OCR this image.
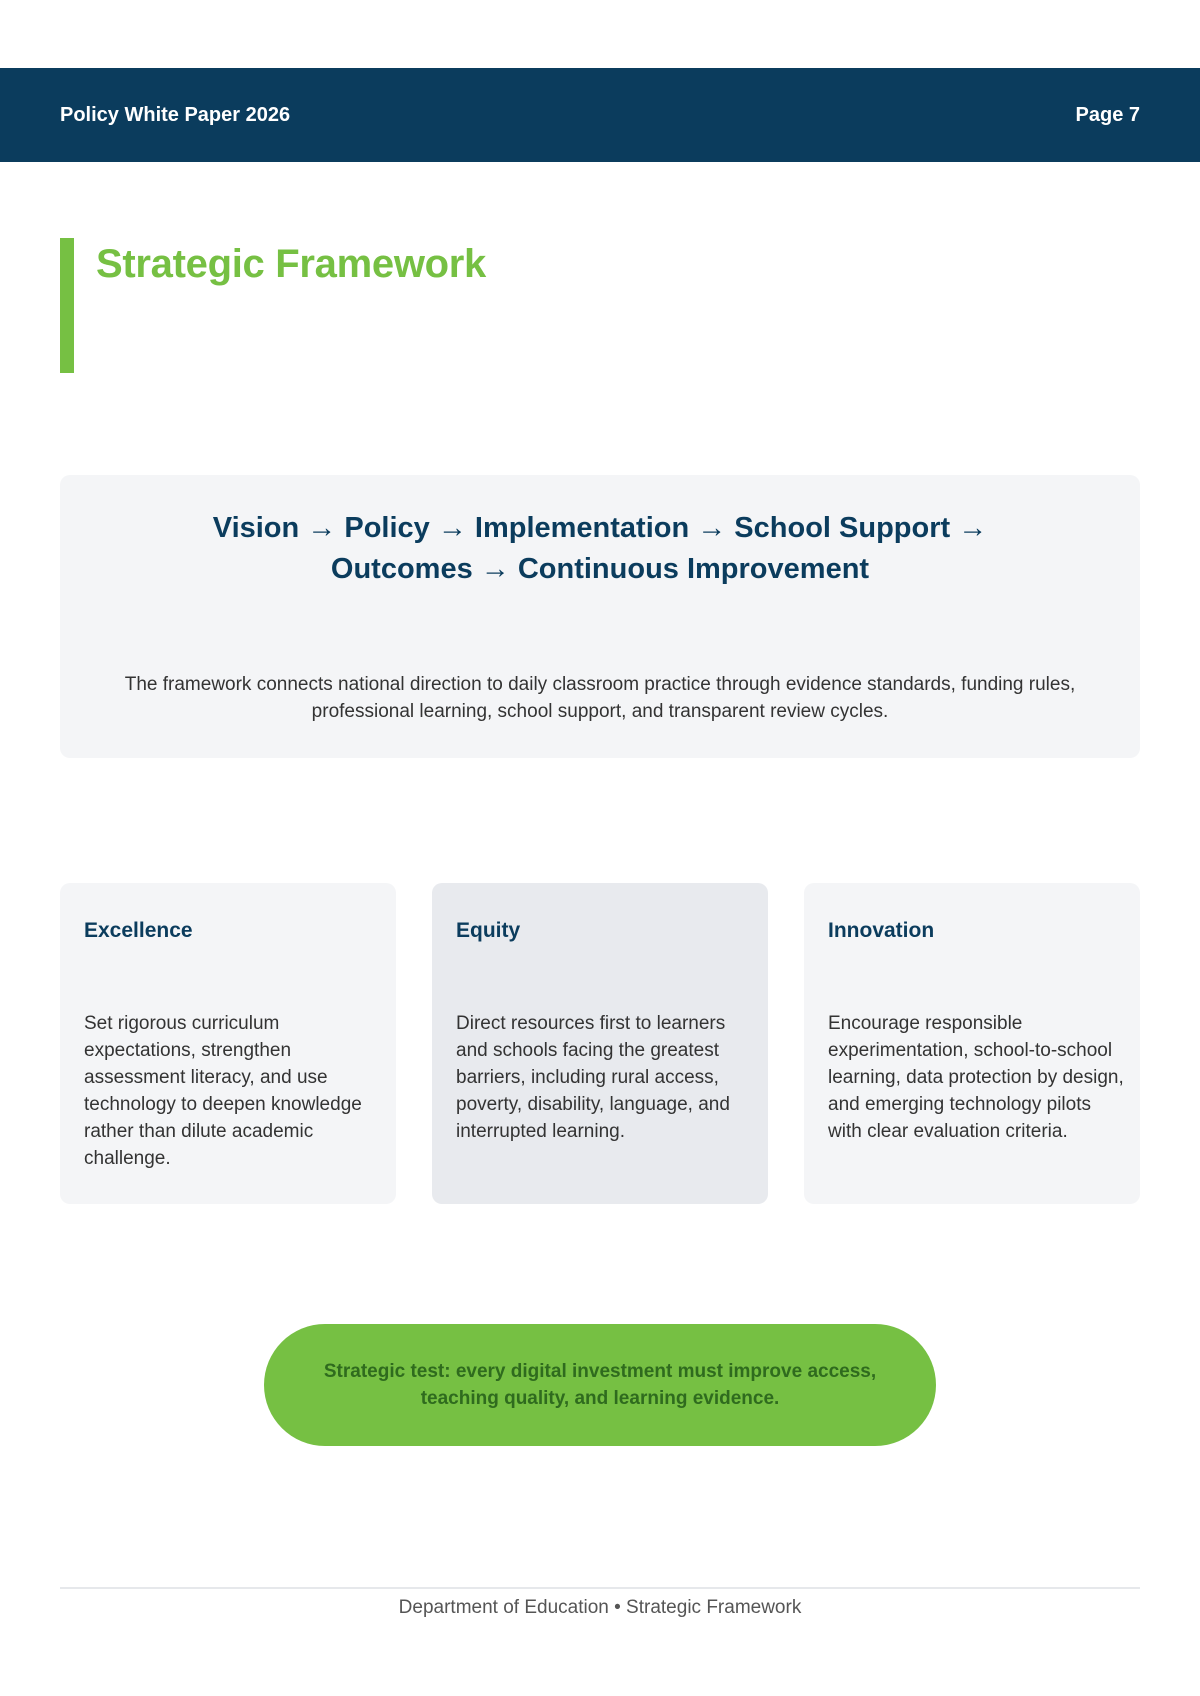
Policy White Paper 2026	Page 7
Strategic Framework
Vision → Policy → Implementation → School Support →
Outcomes → Continuous Improvement

The framework connects national direction to daily classroom practice through evidence standards, funding rules, professional learning, school support, and transparent review cycles.

Excellence

Set rigorous curriculum expectations, strengthen assessment literacy, and use technology to deepen knowledge rather than dilute academic challenge.

Equity

Direct resources first to learners and schools facing the greatest barriers, including rural access, poverty, disability, language, and interrupted learning.

Innovation

Encourage responsible experimentation, school-to-school learning, data protection by design, and emerging technology pilots with clear evaluation criteria.

Strategic test: every digital investment must improve access, teaching quality, and learning evidence.
Department of Education • Strategic Framework
